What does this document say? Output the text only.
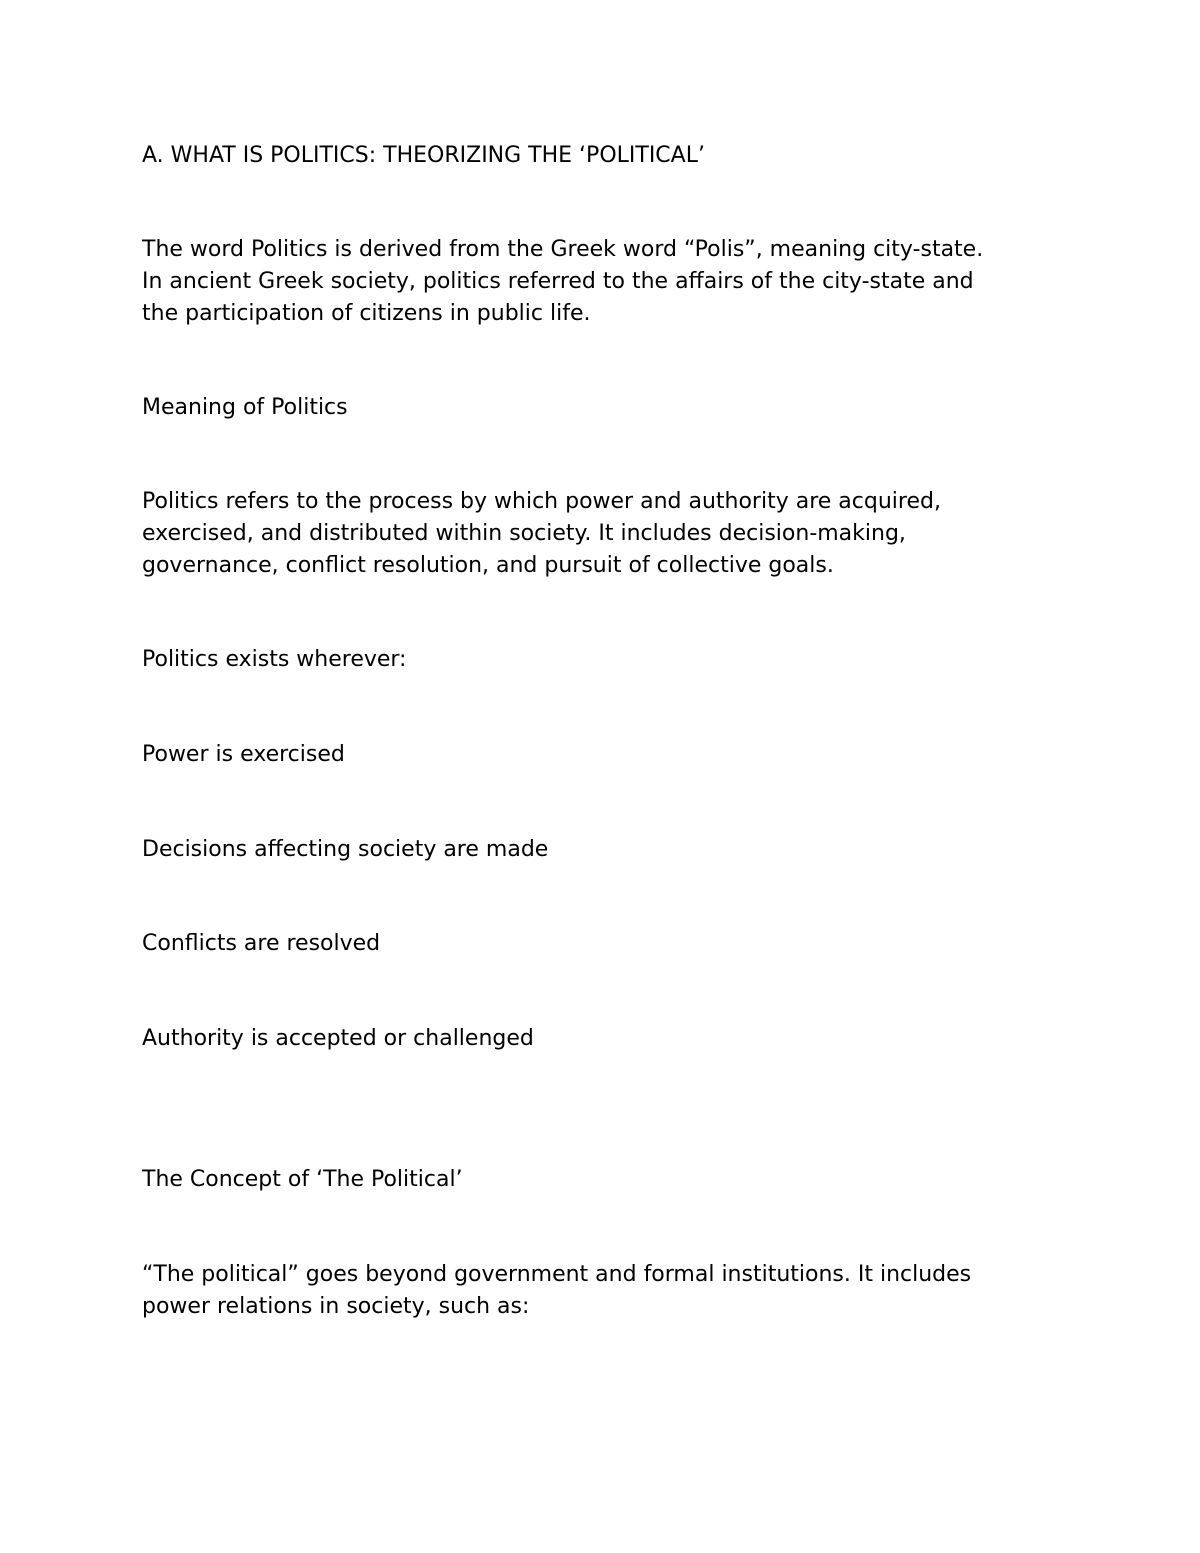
A. WHAT IS POLITICS: THEORIZING THE ‘POLITICAL’

The word Politics is derived from the Greek word “Polis”, meaning city-state.

In ancient Greek society, politics referred to the affairs of the city-state and

the participation of citizens in public life.

Meaning of Politics

Politics refers to the process by which power and authority are acquired,

exercised, and distributed within society. It includes decision-making,

governance, conflict resolution, and pursuit of collective goals.

Politics exists wherever:

Power is exercised

Decisions affecting society are made

Conflicts are resolved

Authority is accepted or challenged

The Concept of ‘The Political’

“The political” goes beyond government and formal institutions. It includes

power relations in society, such as:
